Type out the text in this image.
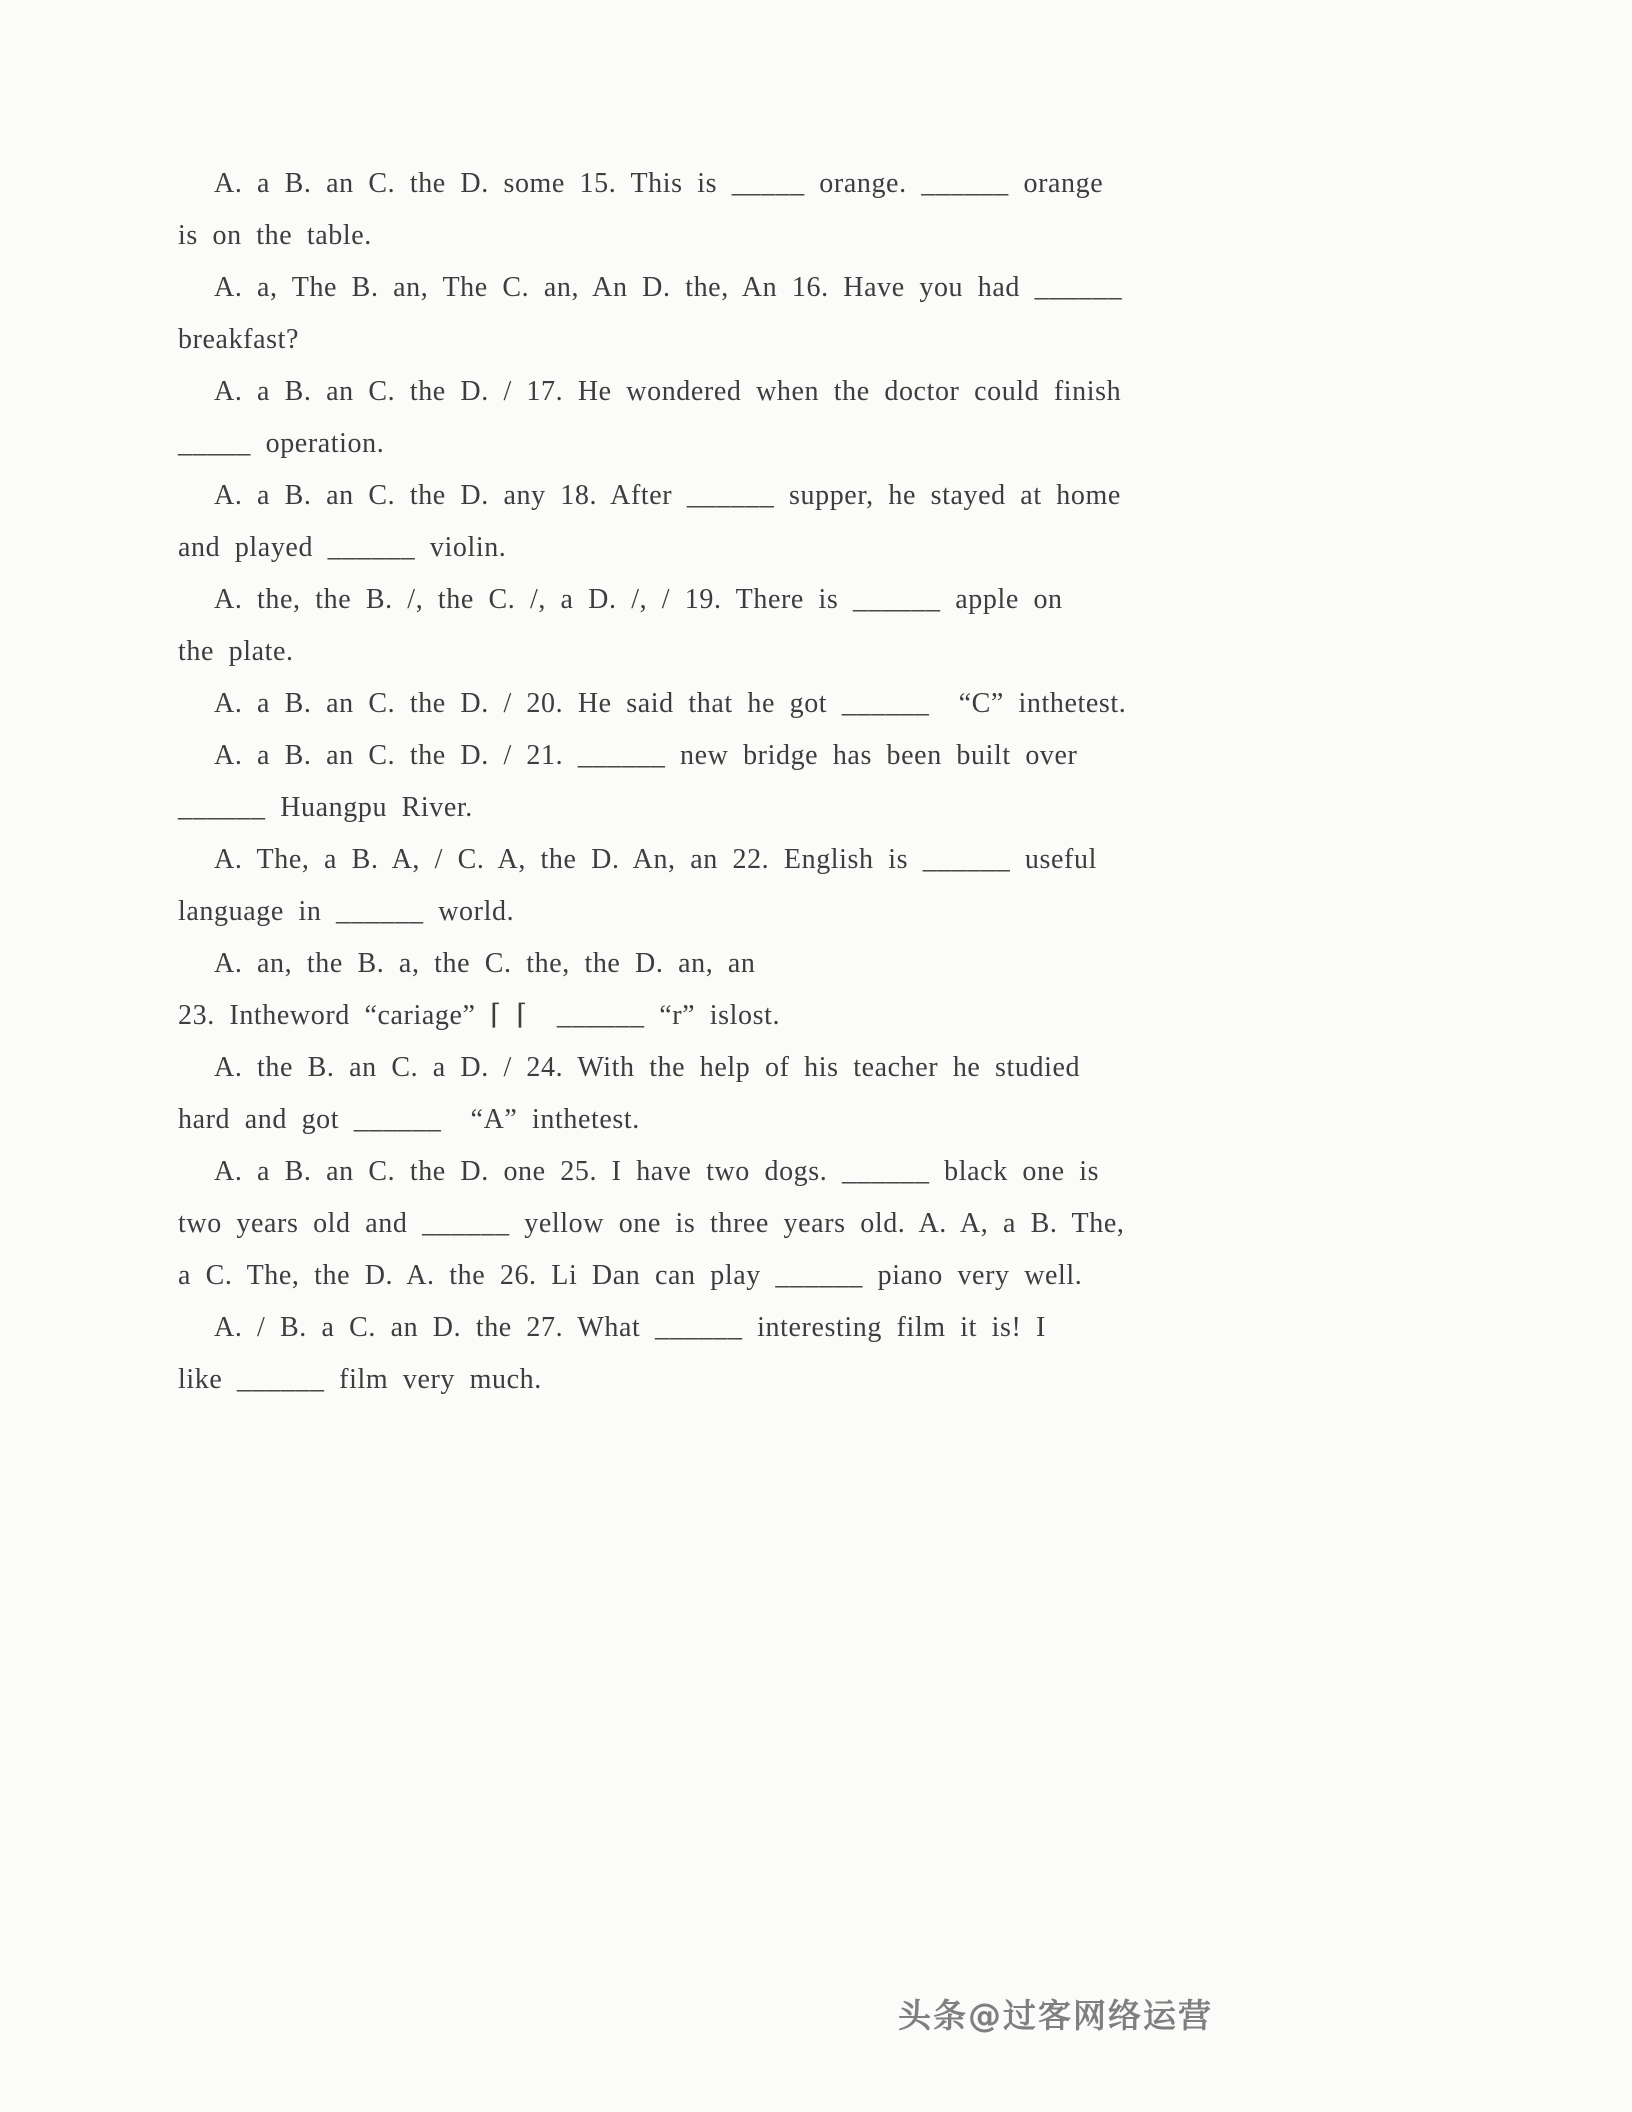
A. a B. an C. the D. some 15. This is _____ orange. ______ orange
is on the table.
A. a, The B. an, The C. an, An D. the, An 16. Have you had ______
breakfast?
A. a B. an C. the D. / 17. He wondered when the doctor could finish
_____ operation.
A. a B. an C. the D. any 18. After ______ supper, he stayed at home
and played ______ violin.
A. the, the B. /, the C. /, a D. /, / 19. There is ______ apple on
the plate.
A. a B. an C. the D. / 20. He said that he got ______  “C” inthetest.
A. a B. an C. the D. / 21. ______ new bridge has been built over
______ Huangpu River.
A. The, a B. A, / C. A, the D. An, an 22. English is ______ useful
language in ______ world.
A. an, the B. a, the C. the, the D. an, an
23. Intheword “cariage” ⌈ ⌈  ______ “r” islost.
A. the B. an C. a D. / 24. With the help of his teacher he studied
hard and got ______  “A” inthetest.
A. a B. an C. the D. one 25. I have two dogs. ______ black one is
two years old and ______ yellow one is three years old. A. A, a B. The,
a C. The, the D. A. the 26. Li Dan can play ______ piano very well.
A. / B. a C. an D. the 27. What ______ interesting film it is! I
like ______ film very much.
头条@过客网络运营
